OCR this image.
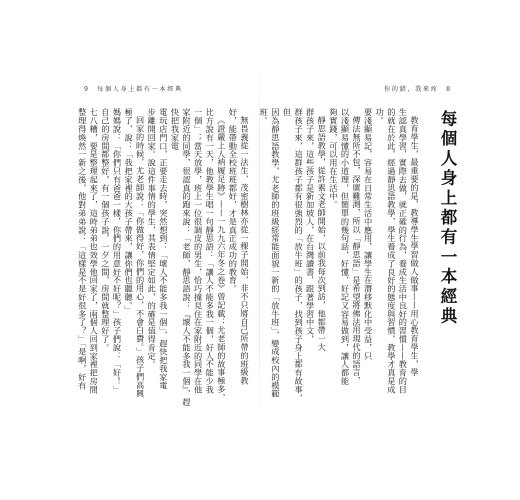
9 每個人身上都有一本經典	你的錯，我來疼 8
每個人身上都有一本經典
教育學生，最重要的是，教導學生學習做人做事——用心教育學生，學
生認真學習，實際去做，就正確的行為，養成生活中良好的習慣——教育的目
的就在於此，經過靜思語教學，學生養成了良好的態度與習慣，教學才真是成功。
要淺顯易記，容易在日常生活中應用，讓學生在潛移默化中受益，只
傳法無所不包，深廣難測，所以「靜思語」是希望將佛法用現代的語言，
以淺顯易懂的小道理，但簡單的幾句話，好懂、好記又容易做到，讓人都能
夠實踐，可以用在生活中。
靜思語教學，從許素文老師開始，以前我每次到訪，他都帶一大
群孩子來，這些孩子是新加坡人，在台灣讀書，跟著學習中文，
群孩子來，這群孩子都有很強烈的「放牛班」的孩子，找到孩子身上都有故事，但
因為靜思語教學，尤老師的班級經常能面貌一新的「放牛班」，變成校內的模範班。
無畏義從一法生，茂密樹林亦從一棵子開始，非不只將自己所帶的班級教
好，能帶動全校班班都好，才是真正成功的教育。
《證嚴上人衲履足跡》——一九九六年冬之卷》曾記載：尤老師的故事極多，
比方說有一天，他教學生唱一句靜思語：「讓人不能多我一個，好人不能少我
一個」；當天放學，班上一位很調皮的男生，恰巧撞見住在家附近的同學在他
家附近的同學，很認真的跑來說：「老師，靜思語說：『壞人不能多我一個』，趕快把我家電
電玩店門口，正要走去時，突然想到：「壞人不能多我一個」，趕快把我家電
步離開回家。說這件事情的學生，其表情堅定如此，的確是值得肯定。
回家的時候，尤老師說：「你做得好，你們的用心，不會白費。」孩子們高興
極了，說：「我把家裡的大孩子帶來，讓你們也聽聽。」
媽媽說：「你們只有爸爸一樣，你們的用意好不好呢？」孩子們說：「好！」
自己的房間都整好，有一個孩子說，一夕之間，房間就整理好了。
七八糟，要是整理起來了，這時弟弟也效學他回家了，兩個人回到家裡把房間
整理得煥然一新之後，他對弟弟說：「這樣是不是好很多了？」「是啊，好有
